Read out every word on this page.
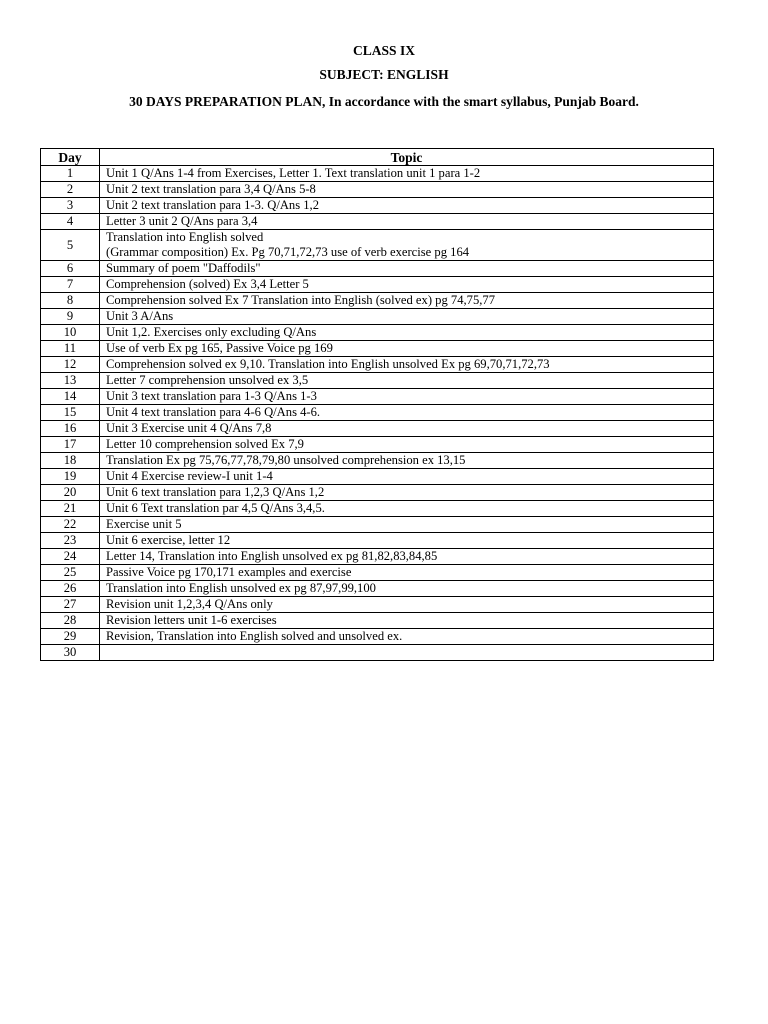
CLASS IX
SUBJECT: ENGLISH
30 DAYS PREPARATION PLAN, In accordance with the smart syllabus, Punjab Board.
Day	Topic
1	Unit 1 Q/Ans 1-4 from Exercises, Letter 1. Text translation unit 1 para 1-2

2	Unit 2 text translation para 3,4 Q/Ans 5-8

3	Unit 2 text translation para 1-3. Q/Ans 1,2

4	Letter 3 unit 2 Q/Ans para 3,4

5	Translation into English solved
(Grammar composition) Ex. Pg 70,71,72,73 use of verb exercise pg 164

6	Summary of poem "Daffodils"

7	Comprehension (solved) Ex 3,4 Letter 5

8	Comprehension solved Ex 7 Translation into English (solved ex) pg 74,75,77

9	Unit 3 A/Ans

10	Unit 1,2. Exercises only excluding Q/Ans

11	Use of verb Ex pg 165, Passive Voice pg 169

12	Comprehension solved ex 9,10. Translation into English unsolved Ex pg 69,70,71,72,73

13	Letter 7 comprehension unsolved ex 3,5

14	Unit 3 text translation para 1-3 Q/Ans 1-3

15	Unit 4 text translation para 4-6 Q/Ans 4-6.

16	Unit 3 Exercise unit 4 Q/Ans 7,8

17	Letter 10 comprehension solved Ex 7,9

18	Translation Ex pg 75,76,77,78,79,80 unsolved comprehension ex 13,15

19	Unit 4 Exercise review-I unit 1-4

20	Unit 6 text translation para 1,2,3 Q/Ans 1,2

21	Unit 6 Text translation par 4,5 Q/Ans 3,4,5.

22	Exercise unit 5

23	Unit 6 exercise, letter 12

24	Letter 14, Translation into English unsolved ex pg 81,82,83,84,85

25	Passive Voice pg 170,171 examples and exercise

26	Translation into English unsolved ex pg 87,97,99,100

27	Revision unit 1,2,3,4 Q/Ans only

28	Revision letters unit 1-6 exercises

29	Revision, Translation into English solved and unsolved ex.

30	
